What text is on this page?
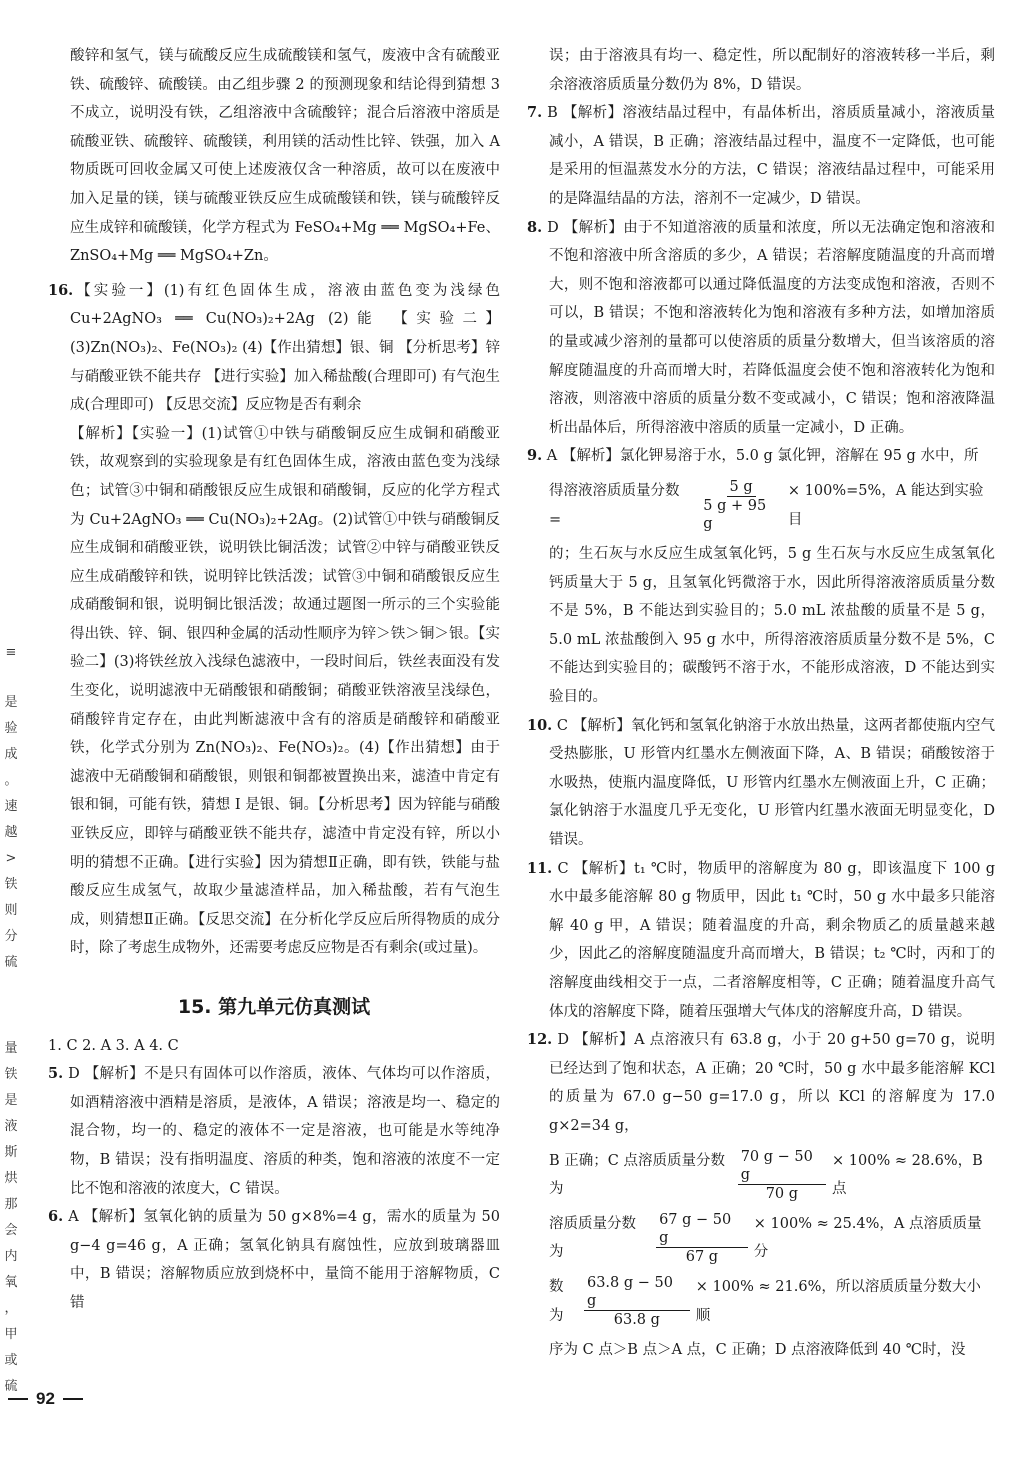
≡
是
验
成
。
速
越
>
铁
则
分
硫
量
铁
是
液
斯
烘
那会
内氧
，甲
或硫

酸锌和氢气，镁与硫酸反应生成硫酸镁和氢气，废液中含有硫酸亚铁、硫酸锌、硫酸镁。由乙组步骤 2 的预测现象和结论得到猜想 3 不成立，说明没有铁，乙组溶液中含硫酸锌；混合后溶液中溶质是硫酸亚铁、硫酸锌、硫酸镁，利用镁的活动性比锌、铁强，加入 A 物质既可回收金属又可使上述废液仅含一种溶质，故可以在废液中加入足量的镁，镁与硫酸亚铁反应生成硫酸镁和铁，镁与硫酸锌反应生成锌和硫酸镁，化学方程式为 FeSO₄+Mg ══ MgSO₄+Fe、ZnSO₄+Mg ══ MgSO₄+Zn。

16.【实验一】(1)有红色固体生成，溶液由蓝色变为浅绿色 Cu+2AgNO₃ ══ Cu(NO₃)₂+2Ag (2)能 【实验二】(3)Zn(NO₃)₂、Fe(NO₃)₂ (4)【作出猜想】银、铜 【分析思考】锌与硝酸亚铁不能共存 【进行实验】加入稀盐酸(合理即可) 有气泡生成(合理即可) 【反思交流】反应物是否有剩余

【解析】【实验一】(1)试管①中铁与硝酸铜反应生成铜和硝酸亚铁，故观察到的实验现象是有红色固体生成，溶液由蓝色变为浅绿色；试管③中铜和硝酸银反应生成银和硝酸铜，反应的化学方程式为 Cu+2AgNO₃ ══ Cu(NO₃)₂+2Ag。(2)试管①中铁与硝酸铜反应生成铜和硝酸亚铁，说明铁比铜活泼；试管②中锌与硝酸亚铁反应生成硝酸锌和铁，说明锌比铁活泼；试管③中铜和硝酸银反应生成硝酸铜和银，说明铜比银活泼；故通过题图一所示的三个实验能得出铁、锌、铜、银四种金属的活动性顺序为锌＞铁＞铜＞银。【实验二】(3)将铁丝放入浅绿色滤液中，一段时间后，铁丝表面没有发生变化，说明滤液中无硝酸银和硝酸铜；硝酸亚铁溶液呈浅绿色，硝酸锌肯定存在，由此判断滤液中含有的溶质是硝酸锌和硝酸亚铁，化学式分别为 Zn(NO₃)₂、Fe(NO₃)₂。(4)【作出猜想】由于滤液中无硝酸铜和硝酸银，则银和铜都被置换出来，滤渣中肯定有银和铜，可能有铁，猜想 I 是银、铜。【分析思考】因为锌能与硝酸亚铁反应，即锌与硝酸亚铁不能共存，滤渣中肯定没有锌，所以小明的猜想不正确。【进行实验】因为猜想Ⅱ正确，即有铁，铁能与盐酸反应生成氢气，故取少量滤渣样品，加入稀盐酸，若有气泡生成，则猜想Ⅱ正确。【反思交流】在分析化学反应后所得物质的成分时，除了考虑生成物外，还需要考虑反应物是否有剩余(或过量)。

15. 第九单元仿真测试

1. C 2. A 3. A 4. C

5. D 【解析】不是只有固体可以作溶质，液体、气体均可以作溶质，如酒精溶液中酒精是溶质，是液体，A 错误；溶液是均一、稳定的混合物，均一的、稳定的液体不一定是溶液，也可能是水等纯净物，B 错误；没有指明温度、溶质的种类，饱和溶液的浓度不一定比不饱和溶液的浓度大，C 错误。

6. A 【解析】氢氧化钠的质量为 50 g×8%=4 g，需水的质量为 50 g−4 g=46 g，A 正确；氢氧化钠具有腐蚀性，应放到玻璃器皿中，B 错误；溶解物质应放到烧杯中，量筒不能用于溶解物质，C 错

误；由于溶液具有均一、稳定性，所以配制好的溶液转移一半后，剩余溶液溶质质量分数仍为 8%，D 错误。

7. B 【解析】溶液结晶过程中，有晶体析出，溶质质量减小，溶液质量减小，A 错误，B 正确；溶液结晶过程中，温度不一定降低，也可能是采用的恒温蒸发水分的方法，C 错误；溶液结晶过程中，可能采用的是降温结晶的方法，溶剂不一定减少，D 错误。

8. D 【解析】由于不知道溶液的质量和浓度，所以无法确定饱和溶液和不饱和溶液中所含溶质的多少，A 错误；若溶解度随温度的升高而增大，则不饱和溶液都可以通过降低温度的方法变成饱和溶液，否则不可以，B 错误；不饱和溶液转化为饱和溶液有多种方法，如增加溶质的量或减少溶剂的量都可以使溶质的质量分数增大，但当该溶质的溶解度随温度的升高而增大时，若降低温度会使不饱和溶液转化为饱和溶液，则溶液中溶质的质量分数不变或减小，C 错误；饱和溶液降温析出晶体后，所得溶液中溶质的质量一定减小，D 正确。

9. A 【解析】氯化钾易溶于水，5.0 g 氯化钾，溶解在 95 g 水中，所

得溶液溶质质量分数 =	$\frac{5 g}{5 g + 95 g} \times 100\%=5\%$，A 能达到实验目

的；生石灰与水反应生成氢氧化钙，5 g 生石灰与水反应生成氢氧化钙质量大于 5 g，且氢氧化钙微溶于水，因此所得溶液溶质质量分数不是 5%，B 不能达到实验目的；5.0 mL 浓盐酸的质量不是 5 g，5.0 mL 浓盐酸倒入 95 g 水中，所得溶液溶质质量分数不是 5%，C 不能达到实验目的；碳酸钙不溶于水，不能形成溶液，D 不能达到实验目的。

10. C 【解析】氧化钙和氢氧化钠溶于水放出热量，这两者都使瓶内空气受热膨胀，U 形管内红墨水左侧液面下降，A、B 错误；硝酸铵溶于水吸热，使瓶内温度降低，U 形管内红墨水左侧液面上升，C 正确；氯化钠溶于水温度几乎无变化，U 形管内红墨水液面无明显变化，D 错误。

11. C 【解析】t₁ ℃时，物质甲的溶解度为 80 g，即该温度下 100 g 水中最多能溶解 80 g 物质甲，因此 t₁ ℃时，50 g 水中最多只能溶解 40 g 甲，A 错误；随着温度的升高，剩余物质乙的质量越来越少，因此乙的溶解度随温度升高而增大，B 错误；t₂ ℃时，丙和丁的溶解度曲线相交于一点，二者溶解度相等，C 正确；随着温度升高气体戊的溶解度下降，随着压强增大气体戊的溶解度升高，D 错误。

12. D 【解析】A 点溶液只有 63.8 g，小于 20 g+50 g=70 g，说明已经达到了饱和状态，A 正确；20 ℃时，50 g 水中最多能溶解 KCl 的质量为 67.0 g−50 g=17.0 g，所以 KCl 的溶解度为 17.0 g×2=34 g，

B 正确；C 点溶质质量分数为	$\frac{70 g - 50 g}{70 g} \times 100\% \approx 28.6\%$，B 点
溶质质量分数为	$\frac{67 g - 50 g}{67 g} \times 100\% \approx 25.4\%$，A 点溶质质量分
数为	$\frac{63.8 g - 50 g}{63.8 g} \times 100\% \approx 21.6\%$，所以溶质质量分数大小顺

序为 C 点＞B 点＞A 点，C 正确；D 点溶液降低到 40 ℃时，没

92
